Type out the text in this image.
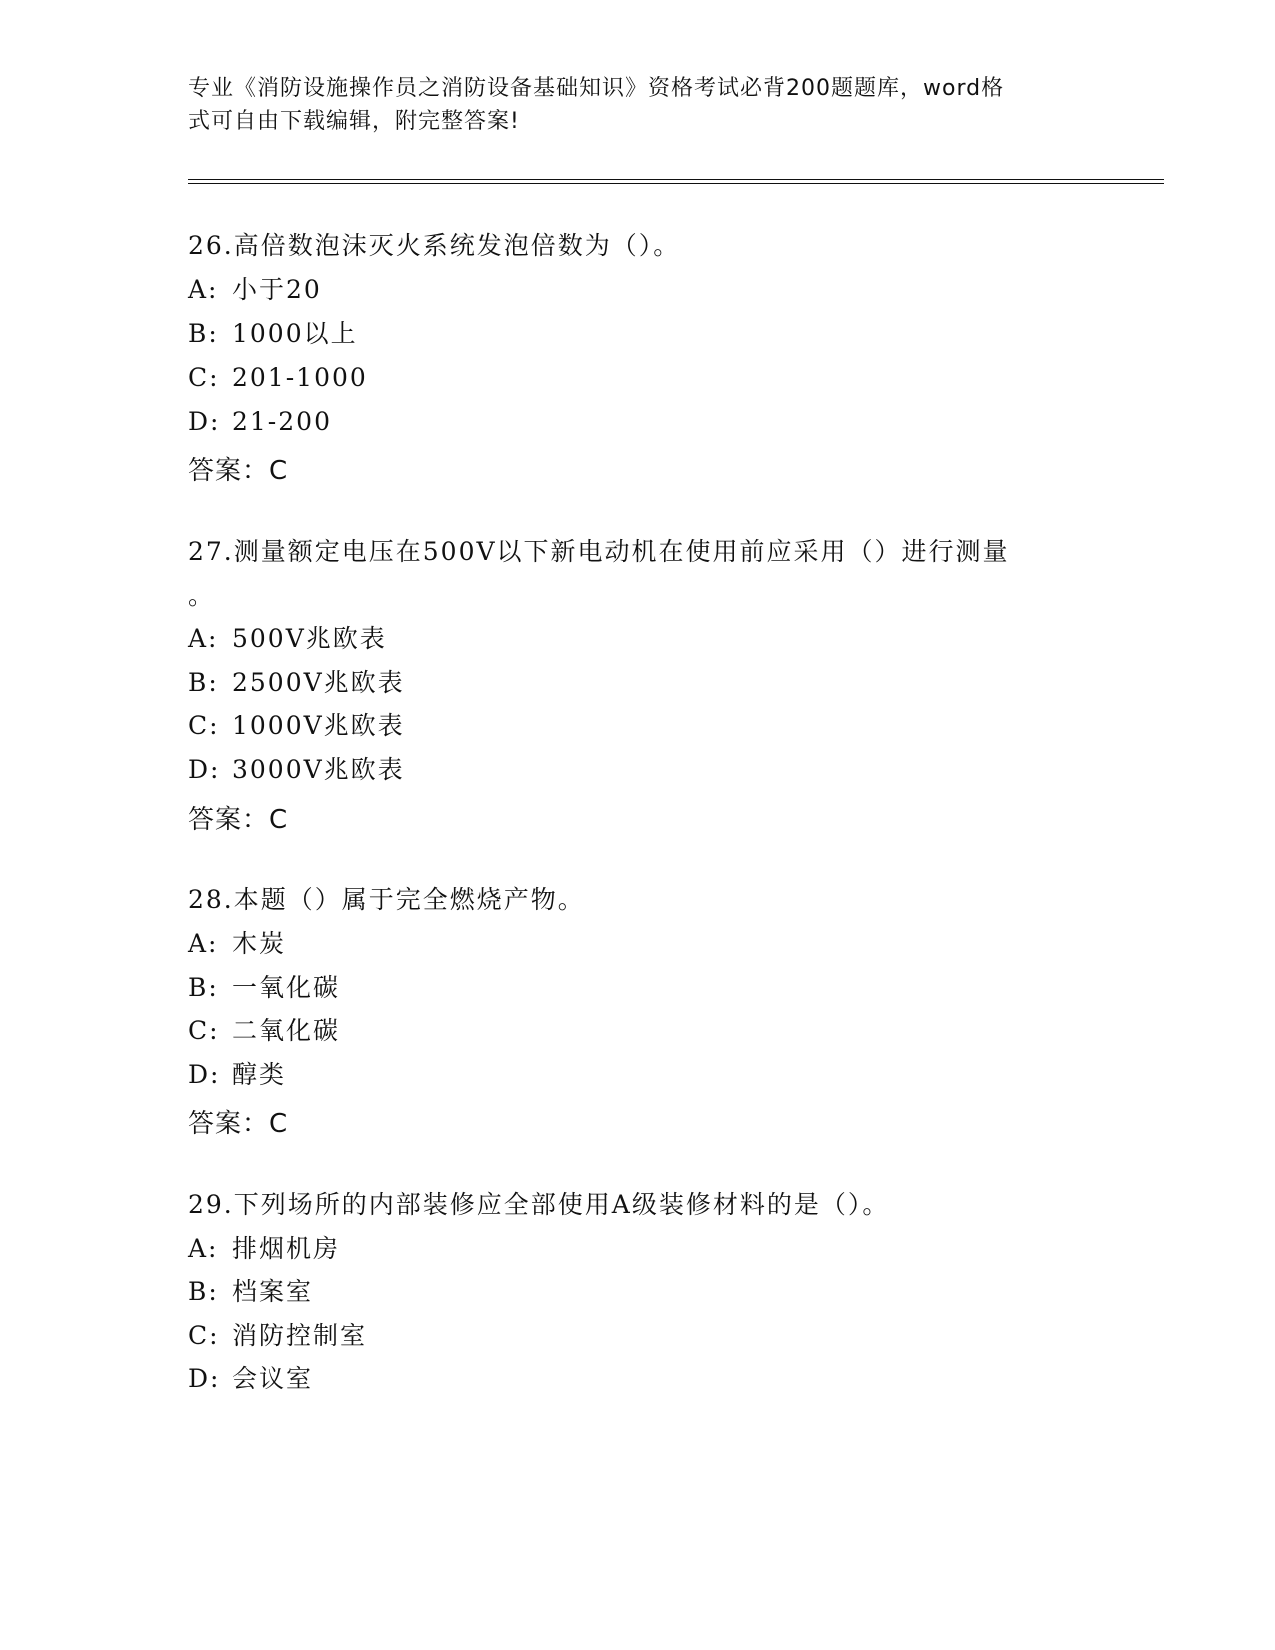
专业《消防设施操作员之消防设备基础知识》资格考试必背200题题库，word格
式可自由下载编辑，附完整答案!
26.高倍数泡沫灭火系统发泡倍数为（）。
A: 小于20
B: 1000以上
C: 201-1000
D: 21-200
答案：C
27.测量额定电压在500V以下新电动机在使用前应采用（）进行测量
。
A: 500V兆欧表
B: 2500V兆欧表
C: 1000V兆欧表
D: 3000V兆欧表
答案：C
28.本题（）属于完全燃烧产物。
A: 木炭
B: 一氧化碳
C: 二氧化碳
D: 醇类
答案：C
29.下列场所的内部装修应全部使用A级装修材料的是（）。
A: 排烟机房
B: 档案室
C: 消防控制室
D: 会议室
